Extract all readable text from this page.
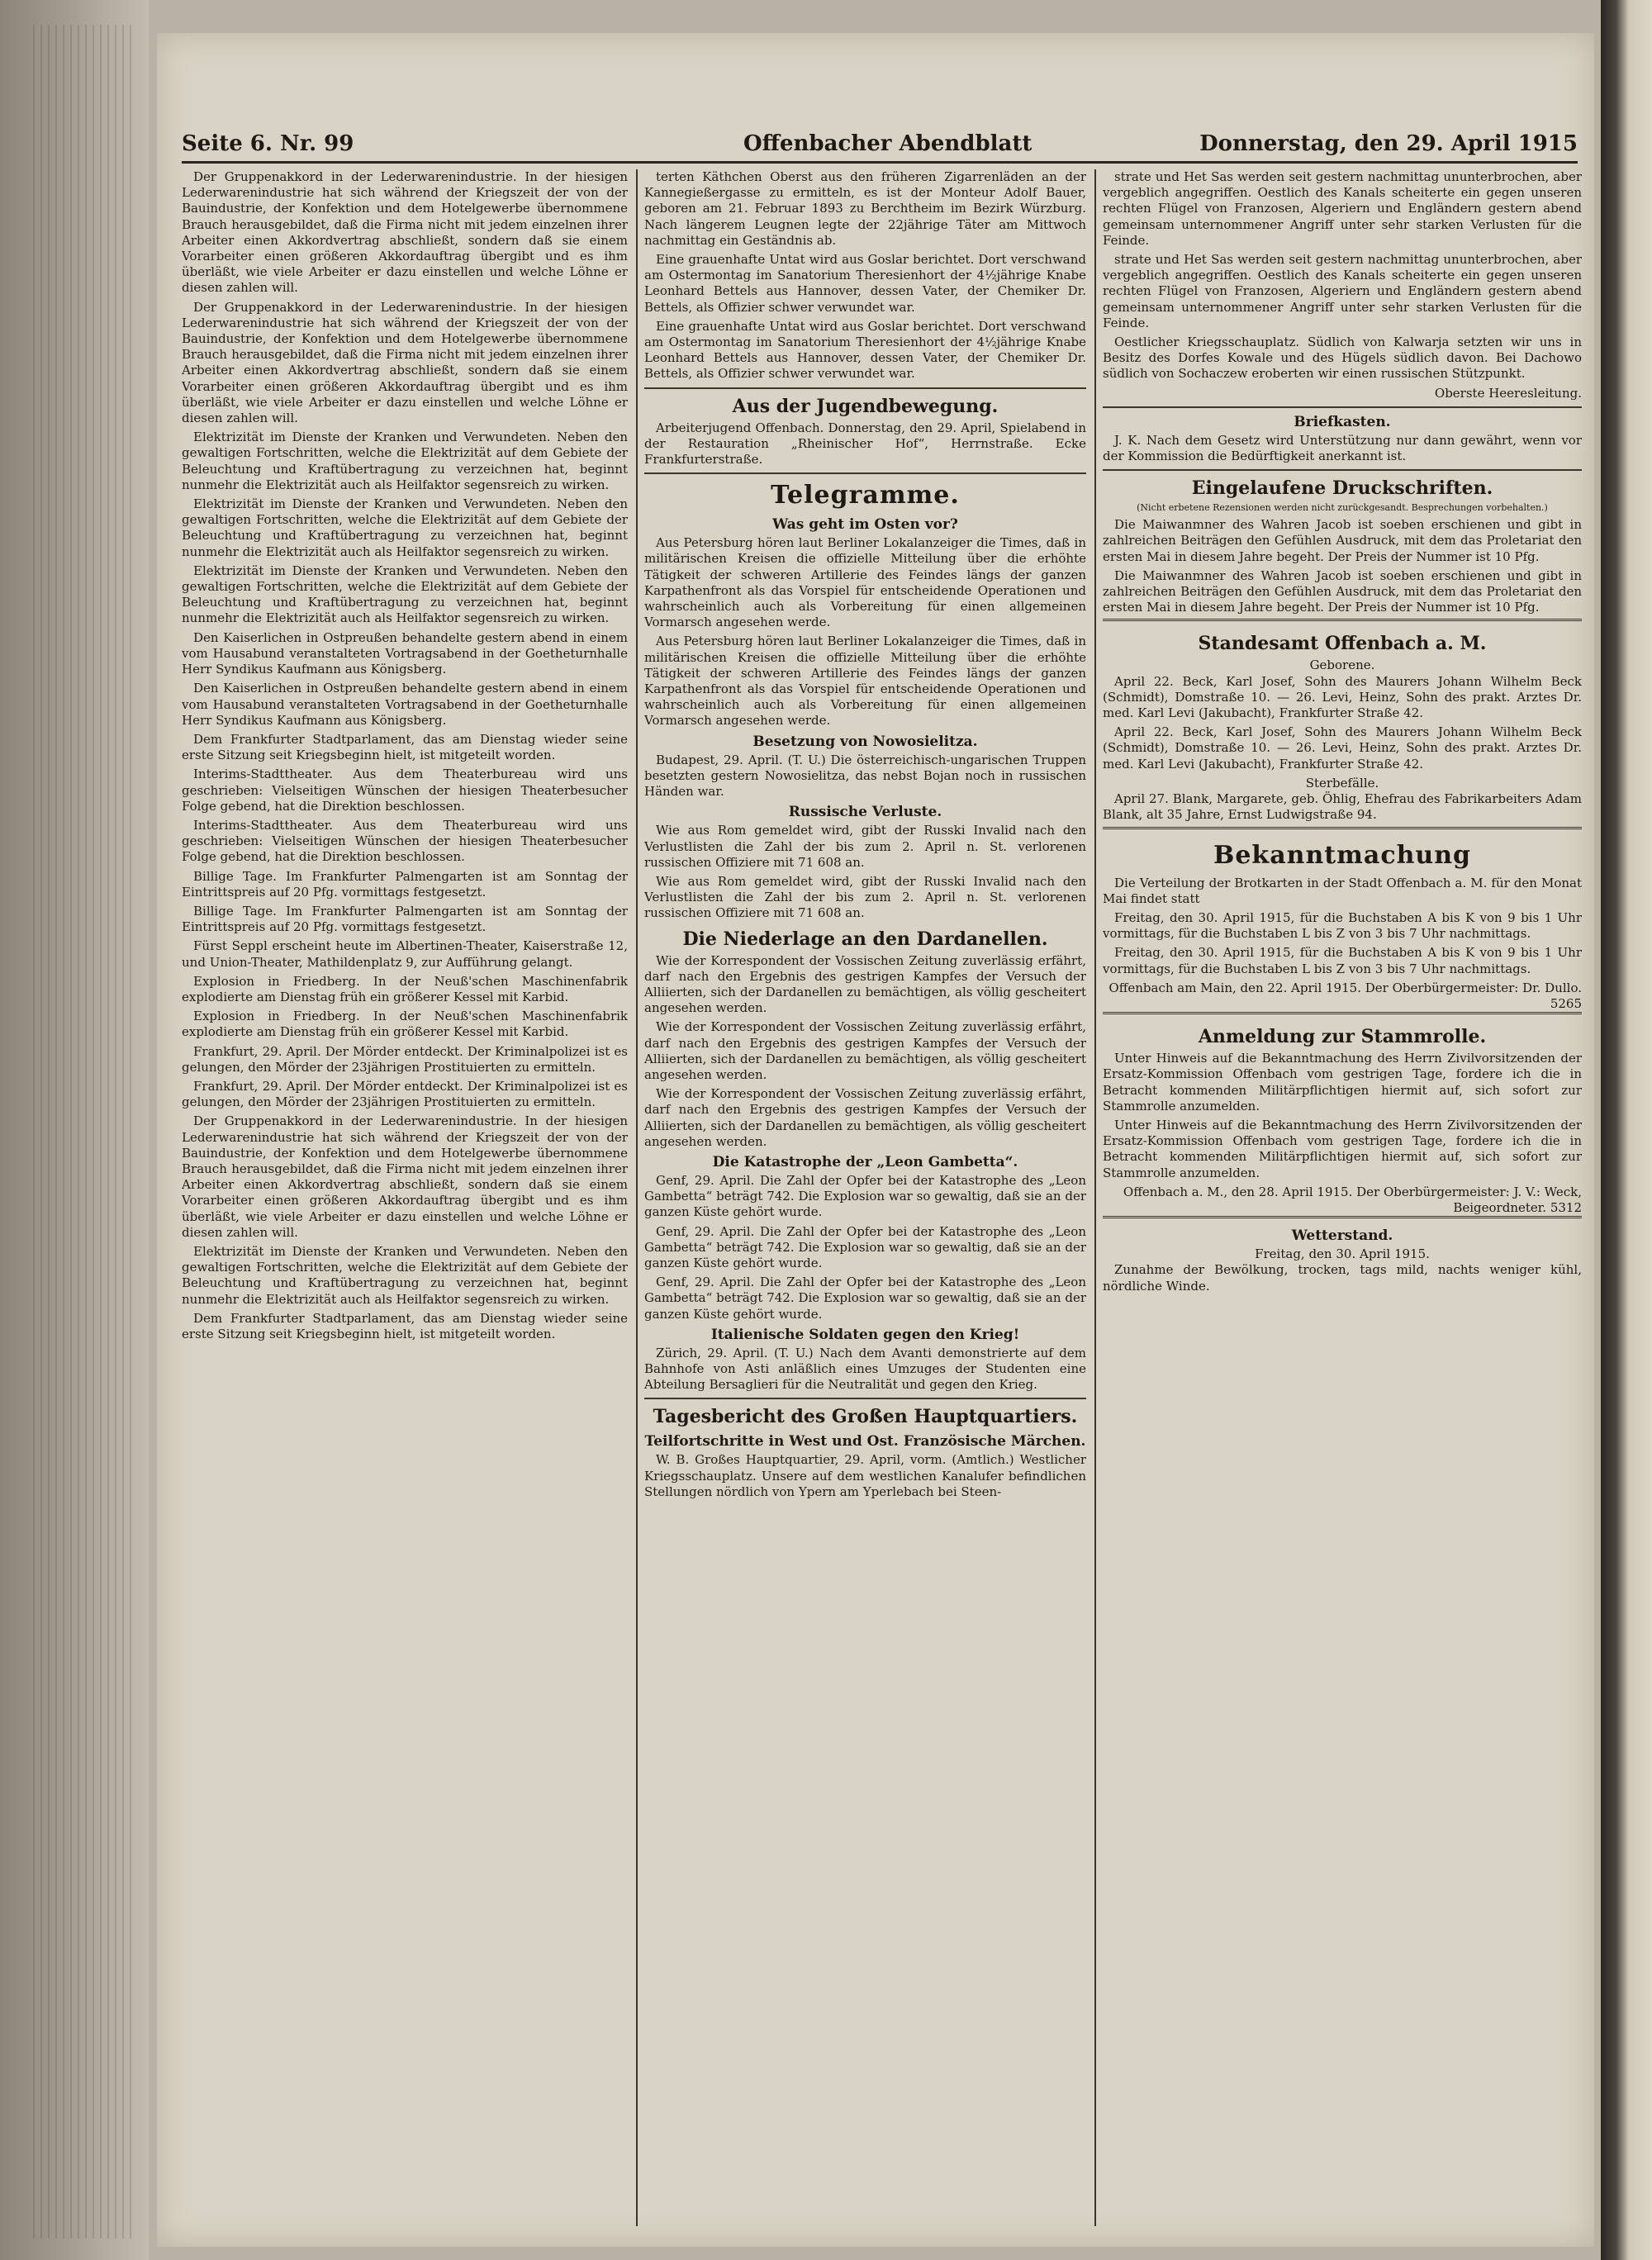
Seite 6. Nr. 99	Offenbacher Abendblatt	Donnerstag, den 29. April 1915

Der Gruppenakkord in der Lederwarenindustrie. In der hiesigen Lederwarenindustrie hat sich während der Kriegszeit der von der Bauindustrie, der Konfektion und dem Hotelgewerbe übernommene Brauch herausgebildet, daß die Firma nicht mit jedem einzelnen ihrer Arbeiter einen Akkordvertrag abschließt, sondern daß sie einem Vorarbeiter einen größeren Akkordauftrag übergibt und es ihm überläßt, wie viele Arbeiter er dazu einstellen und welche Löhne er diesen zahlen will.

Der Gruppenakkord in der Lederwarenindustrie. In der hiesigen Lederwarenindustrie hat sich während der Kriegszeit der von der Bauindustrie, der Konfektion und dem Hotelgewerbe übernommene Brauch herausgebildet, daß die Firma nicht mit jedem einzelnen ihrer Arbeiter einen Akkordvertrag abschließt, sondern daß sie einem Vorarbeiter einen größeren Akkordauftrag übergibt und es ihm überläßt, wie viele Arbeiter er dazu einstellen und welche Löhne er diesen zahlen will.

Elektrizität im Dienste der Kranken und Verwundeten. Neben den gewaltigen Fortschritten, welche die Elektrizität auf dem Gebiete der Beleuchtung und Kraftübertragung zu verzeichnen hat, beginnt nunmehr die Elektrizität auch als Heilfaktor segensreich zu wirken.

Elektrizität im Dienste der Kranken und Verwundeten. Neben den gewaltigen Fortschritten, welche die Elektrizität auf dem Gebiete der Beleuchtung und Kraftübertragung zu verzeichnen hat, beginnt nunmehr die Elektrizität auch als Heilfaktor segensreich zu wirken.

Elektrizität im Dienste der Kranken und Verwundeten. Neben den gewaltigen Fortschritten, welche die Elektrizität auf dem Gebiete der Beleuchtung und Kraftübertragung zu verzeichnen hat, beginnt nunmehr die Elektrizität auch als Heilfaktor segensreich zu wirken.

Den Kaiserlichen in Ostpreußen behandelte gestern abend in einem vom Hausabund veranstalteten Vortragsabend in der Goetheturnhalle Herr Syndikus Kaufmann aus Königsberg.

Den Kaiserlichen in Ostpreußen behandelte gestern abend in einem vom Hausabund veranstalteten Vortragsabend in der Goetheturnhalle Herr Syndikus Kaufmann aus Königsberg.

Dem Frankfurter Stadtparlament, das am Dienstag wieder seine erste Sitzung seit Kriegsbeginn hielt, ist mitgeteilt worden.

Interims-Stadttheater. Aus dem Theaterbureau wird uns geschrieben: Vielseitigen Wünschen der hiesigen Theaterbesucher Folge gebend, hat die Direktion beschlossen.

Interims-Stadttheater. Aus dem Theaterbureau wird uns geschrieben: Vielseitigen Wünschen der hiesigen Theaterbesucher Folge gebend, hat die Direktion beschlossen.

Billige Tage. Im Frankfurter Palmengarten ist am Sonntag der Eintrittspreis auf 20 Pfg. vormittags festgesetzt.

Billige Tage. Im Frankfurter Palmengarten ist am Sonntag der Eintrittspreis auf 20 Pfg. vormittags festgesetzt.

Fürst Seppl erscheint heute im Albertinen-Theater, Kaiserstraße 12, und Union-Theater, Mathildenplatz 9, zur Aufführung gelangt.

Explosion in Friedberg. In der Neuß'schen Maschinenfabrik explodierte am Dienstag früh ein größerer Kessel mit Karbid.

Explosion in Friedberg. In der Neuß'schen Maschinenfabrik explodierte am Dienstag früh ein größerer Kessel mit Karbid.

Frankfurt, 29. April. Der Mörder entdeckt. Der Kriminalpolizei ist es gelungen, den Mörder der 23jährigen Prostituierten zu ermitteln.

Frankfurt, 29. April. Der Mörder entdeckt. Der Kriminalpolizei ist es gelungen, den Mörder der 23jährigen Prostituierten zu ermitteln.

Der Gruppenakkord in der Lederwarenindustrie. In der hiesigen Lederwarenindustrie hat sich während der Kriegszeit der von der Bauindustrie, der Konfektion und dem Hotelgewerbe übernommene Brauch herausgebildet, daß die Firma nicht mit jedem einzelnen ihrer Arbeiter einen Akkordvertrag abschließt, sondern daß sie einem Vorarbeiter einen größeren Akkordauftrag übergibt und es ihm überläßt, wie viele Arbeiter er dazu einstellen und welche Löhne er diesen zahlen will.

Elektrizität im Dienste der Kranken und Verwundeten. Neben den gewaltigen Fortschritten, welche die Elektrizität auf dem Gebiete der Beleuchtung und Kraftübertragung zu verzeichnen hat, beginnt nunmehr die Elektrizität auch als Heilfaktor segensreich zu wirken.

Dem Frankfurter Stadtparlament, das am Dienstag wieder seine erste Sitzung seit Kriegsbeginn hielt, ist mitgeteilt worden.

terten Käthchen Oberst aus den früheren Zigarrenläden an der Kannegießergasse zu ermitteln, es ist der Monteur Adolf Bauer, geboren am 21. Februar 1893 zu Berchtheim im Bezirk Würzburg. Nach längerem Leugnen legte der 22jährige Täter am Mittwoch nachmittag ein Geständnis ab.

Eine grauenhafte Untat wird aus Goslar berichtet. Dort verschwand am Ostermontag im Sanatorium Theresienhort der 4½jährige Knabe Leonhard Bettels aus Hannover, dessen Vater, der Chemiker Dr. Bettels, als Offizier schwer verwundet war.

Eine grauenhafte Untat wird aus Goslar berichtet. Dort verschwand am Ostermontag im Sanatorium Theresienhort der 4½jährige Knabe Leonhard Bettels aus Hannover, dessen Vater, der Chemiker Dr. Bettels, als Offizier schwer verwundet war.

Aus der Jugendbewegung.

Arbeiterjugend Offenbach. Donnerstag, den 29. April, Spielabend in der Restauration „Rheinischer Hof“, Herrnstraße. Ecke Frankfurterstraße.

Telegramme.
Was geht im Osten vor?

Aus Petersburg hören laut Berliner Lokalanzeiger die Times, daß in militärischen Kreisen die offizielle Mitteilung über die erhöhte Tätigkeit der schweren Artillerie des Feindes längs der ganzen Karpathenfront als das Vorspiel für entscheidende Operationen und wahrscheinlich auch als Vorbereitung für einen allgemeinen Vormarsch angesehen werde.

Aus Petersburg hören laut Berliner Lokalanzeiger die Times, daß in militärischen Kreisen die offizielle Mitteilung über die erhöhte Tätigkeit der schweren Artillerie des Feindes längs der ganzen Karpathenfront als das Vorspiel für entscheidende Operationen und wahrscheinlich auch als Vorbereitung für einen allgemeinen Vormarsch angesehen werde.

Besetzung von Nowosielitza.

Budapest, 29. April. (T. U.) Die österreichisch-ungarischen Truppen besetzten gestern Nowosielitza, das nebst Bojan noch in russischen Händen war.

Russische Verluste.

Wie aus Rom gemeldet wird, gibt der Russki Invalid nach den Verlustlisten die Zahl der bis zum 2. April n. St. verlorenen russischen Offiziere mit 71 608 an.

Wie aus Rom gemeldet wird, gibt der Russki Invalid nach den Verlustlisten die Zahl der bis zum 2. April n. St. verlorenen russischen Offiziere mit 71 608 an.

Die Niederlage an den Dardanellen.

Wie der Korrespondent der Vossischen Zeitung zuverlässig erfährt, darf nach den Ergebnis des gestrigen Kampfes der Versuch der Alliierten, sich der Dardanellen zu bemächtigen, als völlig gescheitert angesehen werden.

Wie der Korrespondent der Vossischen Zeitung zuverlässig erfährt, darf nach den Ergebnis des gestrigen Kampfes der Versuch der Alliierten, sich der Dardanellen zu bemächtigen, als völlig gescheitert angesehen werden.

Wie der Korrespondent der Vossischen Zeitung zuverlässig erfährt, darf nach den Ergebnis des gestrigen Kampfes der Versuch der Alliierten, sich der Dardanellen zu bemächtigen, als völlig gescheitert angesehen werden.

Die Katastrophe der „Leon Gambetta“.

Genf, 29. April. Die Zahl der Opfer bei der Katastrophe des „Leon Gambetta“ beträgt 742. Die Explosion war so gewaltig, daß sie an der ganzen Küste gehört wurde.

Genf, 29. April. Die Zahl der Opfer bei der Katastrophe des „Leon Gambetta“ beträgt 742. Die Explosion war so gewaltig, daß sie an der ganzen Küste gehört wurde.

Genf, 29. April. Die Zahl der Opfer bei der Katastrophe des „Leon Gambetta“ beträgt 742. Die Explosion war so gewaltig, daß sie an der ganzen Küste gehört wurde.

Italienische Soldaten gegen den Krieg!

Zürich, 29. April. (T. U.) Nach dem Avanti demonstrierte auf dem Bahnhofe von Asti anläßlich eines Umzuges der Studenten eine Abteilung Bersaglieri für die Neutralität und gegen den Krieg.

Tagesbericht des Großen Hauptquartiers.
Teilfortschritte in West und Ost. Französische Märchen.

W. B. Großes Hauptquartier, 29. April, vorm. (Amtlich.) Westlicher Kriegsschauplatz. Unsere auf dem westlichen Kanalufer befindlichen Stellungen nördlich von Ypern am Yperlebach bei Steen-

strate und Het Sas werden seit gestern nachmittag ununterbrochen, aber vergeblich angegriffen. Oestlich des Kanals scheiterte ein gegen unseren rechten Flügel von Franzosen, Algeriern und Engländern gestern abend gemeinsam unternommener Angriff unter sehr starken Verlusten für die Feinde.

strate und Het Sas werden seit gestern nachmittag ununterbrochen, aber vergeblich angegriffen. Oestlich des Kanals scheiterte ein gegen unseren rechten Flügel von Franzosen, Algeriern und Engländern gestern abend gemeinsam unternommener Angriff unter sehr starken Verlusten für die Feinde.

Oestlicher Kriegsschauplatz. Südlich von Kalwarja setzten wir uns in Besitz des Dorfes Kowale und des Hügels südlich davon. Bei Dachowo südlich von Sochaczew eroberten wir einen russischen Stützpunkt.

Oberste Heeresleitung.
Briefkasten.

J. K. Nach dem Gesetz wird Unterstützung nur dann gewährt, wenn vor der Kommission die Bedürftigkeit anerkannt ist.

Eingelaufene Druckschriften.
(Nicht erbetene Rezensionen werden nicht zurückgesandt. Besprechungen vorbehalten.)

Die Maiwanmner des Wahren Jacob ist soeben erschienen und gibt in zahlreichen Beiträgen den Gefühlen Ausdruck, mit dem das Proletariat den ersten Mai in diesem Jahre begeht. Der Preis der Nummer ist 10 Pfg.

Die Maiwanmner des Wahren Jacob ist soeben erschienen und gibt in zahlreichen Beiträgen den Gefühlen Ausdruck, mit dem das Proletariat den ersten Mai in diesem Jahre begeht. Der Preis der Nummer ist 10 Pfg.

Standesamt Offenbach a. M.
Geborene.

April 22. Beck, Karl Josef, Sohn des Maurers Johann Wilhelm Beck (Schmidt), Domstraße 10. — 26. Levi, Heinz, Sohn des prakt. Arztes Dr. med. Karl Levi (Jakubacht), Frankfurter Straße 42.

April 22. Beck, Karl Josef, Sohn des Maurers Johann Wilhelm Beck (Schmidt), Domstraße 10. — 26. Levi, Heinz, Sohn des prakt. Arztes Dr. med. Karl Levi (Jakubacht), Frankfurter Straße 42.

Sterbefälle.

April 27. Blank, Margarete, geb. Öhlig, Ehefrau des Fabrikarbeiters Adam Blank, alt 35 Jahre, Ernst Ludwigstraße 94.

Bekanntmachung

Die Verteilung der Brotkarten in der Stadt Offenbach a. M. für den Monat Mai findet statt

Freitag, den 30. April 1915, für die Buchstaben A bis K von 9 bis 1 Uhr vormittags, für die Buchstaben L bis Z von 3 bis 7 Uhr nachmittags.

Freitag, den 30. April 1915, für die Buchstaben A bis K von 9 bis 1 Uhr vormittags, für die Buchstaben L bis Z von 3 bis 7 Uhr nachmittags.

Offenbach am Main, den 22. April 1915. Der Oberbürgermeister: Dr. Dullo. 5265
Anmeldung zur Stammrolle.

Unter Hinweis auf die Bekanntmachung des Herrn Zivilvorsitzenden der Ersatz-Kommission Offenbach vom gestrigen Tage, fordere ich die in Betracht kommenden Militärpflichtigen hiermit auf, sich sofort zur Stammrolle anzumelden.

Unter Hinweis auf die Bekanntmachung des Herrn Zivilvorsitzenden der Ersatz-Kommission Offenbach vom gestrigen Tage, fordere ich die in Betracht kommenden Militärpflichtigen hiermit auf, sich sofort zur Stammrolle anzumelden.

Offenbach a. M., den 28. April 1915. Der Oberbürgermeister: J. V.: Weck, Beigeordneter. 5312
Wetterstand.
Freitag, den 30. April 1915.

Zunahme der Bewölkung, trocken, tags mild, nachts weniger kühl, nördliche Winde.
